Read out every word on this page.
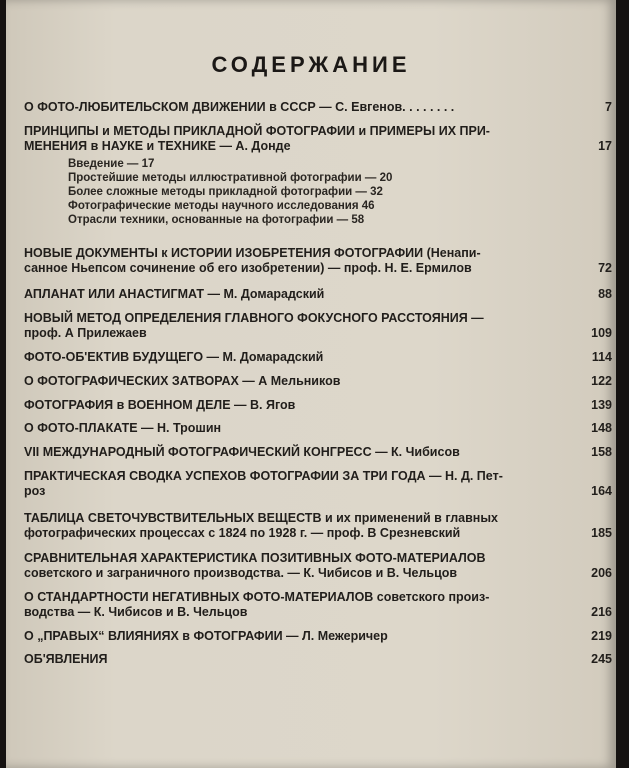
СОДЕРЖАНИЕ
О ФОТО-ЛЮБИТЕЛЬСКОМ ДВИЖЕНИИ в СССР — С. Евгенов. . . . . . . .	7
ПРИНЦИПЫ и МЕТОДЫ ПРИКЛАДНОЙ ФОТОГРАФИИ и ПРИМЕРЫ ИХ ПРИ-
МЕНЕНИЯ в НАУКЕ и ТЕХНИКЕ — А. Донде	17
Введение — 17
Простейшие методы иллюстративной фотографии — 20
Более сложные методы прикладной фотографии — 32
Фотографические методы научного исследования 46
Отрасли техники, основанные на фотографии — 58
НОВЫЕ ДОКУМЕНТЫ к ИСТОРИИ ИЗОБРЕТЕНИЯ ФОТОГРАФИИ (Ненапи-
санное Ньепсом сочинение об его изобретении) — проф. Н. Е. Ермилов	72
АПЛАНАТ ИЛИ АНАСТИГМАТ — М. Домарадский	88
НОВЫЙ МЕТОД ОПРЕДЕЛЕНИЯ ГЛАВНОГО ФОКУСНОГО РАССТОЯНИЯ —
проф. А Прилежаев	109
ФОТО-ОБ'ЕКТИВ БУДУЩЕГО — М. Домарадский	114
О ФОТОГРАФИЧЕСКИХ ЗАТВОРАХ — А Мельников	122
ФОТОГРАФИЯ в ВОЕННОМ ДЕЛЕ — В. Ягов	139
О ФОТО-ПЛАКАТЕ — Н. Трошин	148
VII МЕЖДУНАРОДНЫЙ ФОТОГРАФИЧЕСКИЙ КОНГРЕСС — К. Чибисов	158
ПРАКТИЧЕСКАЯ СВОДКА УСПЕХОВ ФОТОГРАФИИ ЗА ТРИ ГОДА — Н. Д. Пет-
роз	164
ТАБЛИЦА СВЕТОЧУВСТВИТЕЛЬНЫХ ВЕЩЕСТВ и их применений в главных
фотографических процессах с 1824 по 1928 г. — проф. В Срезневский	185
СРАВНИТЕЛЬНАЯ ХАРАКТЕРИСТИКА ПОЗИТИВНЫХ ФОТО-МАТЕРИАЛОВ
советского и заграничного производства. — К. Чибисов и В. Чельцов	206
О СТАНДАРТНОСТИ НЕГАТИВНЫХ ФОТО-МАТЕРИАЛОВ советского произ-
водства — К. Чибисов и В. Чельцов	216
О „ПРАВЫХ“ ВЛИЯНИЯХ в ФОТОГРАФИИ — Л. Межеричер	219
ОБ'ЯВЛЕНИЯ	245
